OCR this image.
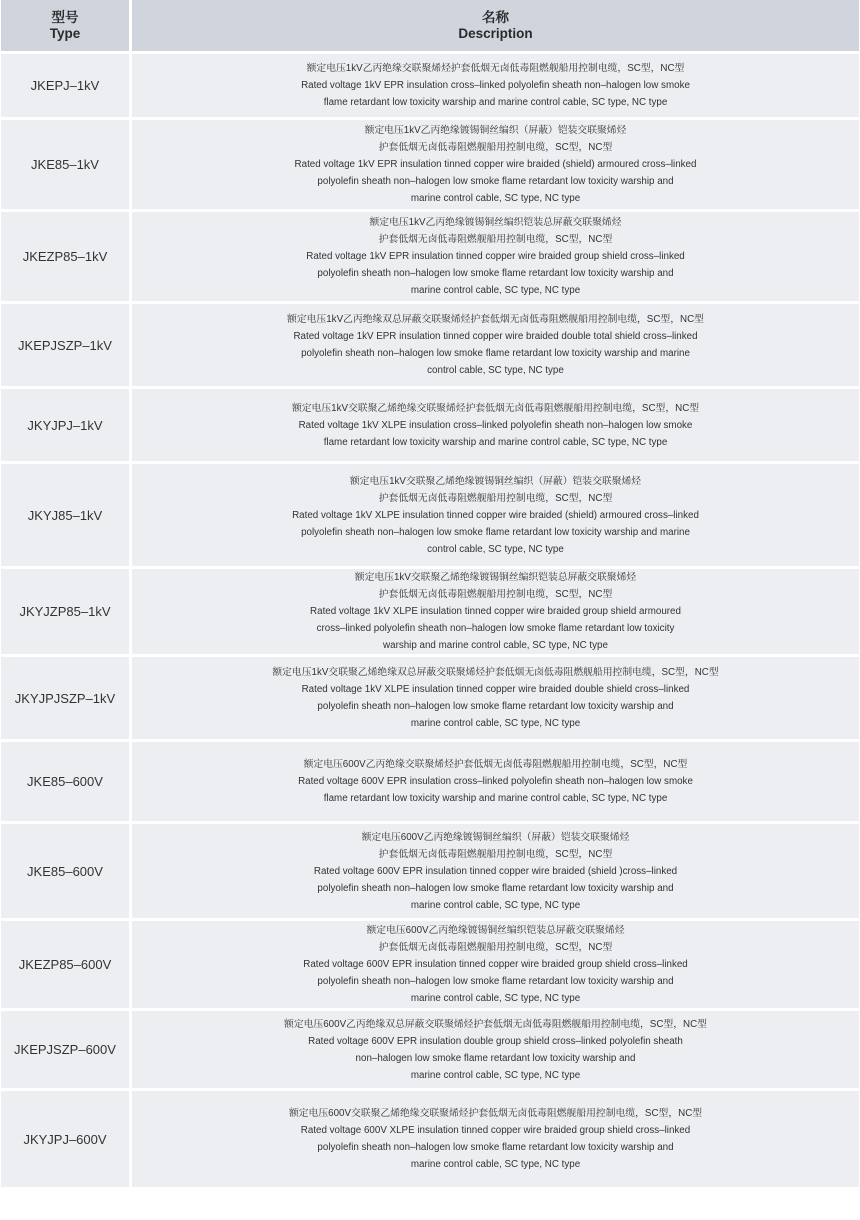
型号
Type	名称
Description

JKEPJ–1kV	额定电压1kV乙丙绝缘交联聚烯烃护套低烟无卤低毒阻燃舰船用控制电缆，SC型，NC型
Rated voltage 1kV EPR insulation cross–linked polyolefin sheath non–halogen low smoke
flame retardant low toxicity warship and marine control cable, SC type, NC type

JKE85–1kV	额定电压1kV乙丙绝缘镀锡铜丝编织（屏蔽）铠装交联聚烯烃
护套低烟无卤低毒阻燃舰船用控制电缆，SC型，NC型
Rated voltage 1kV EPR insulation tinned copper wire braided (shield) armoured cross–linked
polyolefin sheath non–halogen low smoke flame retardant low toxicity warship and
marine control cable, SC type, NC type

JKEZP85–1kV	额定电压1kV乙丙绝缘镀锡铜丝编织铠装总屏蔽交联聚烯烃
护套低烟无卤低毒阻燃舰船用控制电缆，SC型，NC型
Rated voltage 1kV EPR insulation tinned copper wire braided group shield cross–linked
polyolefin sheath non–halogen low smoke flame retardant low toxicity warship and
marine control cable, SC type, NC type

JKEPJSZP–1kV	额定电压1kV乙丙绝缘双总屏蔽交联聚烯烃护套低烟无卤低毒阻燃舰船用控制电缆，SC型，NC型
Rated voltage 1kV EPR insulation tinned copper wire braided double total shield cross–linked
polyolefin sheath non–halogen low smoke flame retardant low toxicity warship and marine
control cable, SC type, NC type

JKYJPJ–1kV	额定电压1kV交联聚乙烯绝缘交联聚烯烃护套低烟无卤低毒阻燃舰船用控制电缆，SC型，NC型
Rated voltage 1kV XLPE insulation cross–linked polyolefin sheath non–halogen low smoke
flame retardant low toxicity warship and marine control cable, SC type, NC type

JKYJ85–1kV	额定电压1kV交联聚乙烯绝缘镀锡铜丝编织（屏蔽）铠装交联聚烯烃
护套低烟无卤低毒阻燃舰船用控制电缆，SC型，NC型
Rated voltage 1kV XLPE insulation tinned copper wire braided (shield) armoured cross–linked
polyolefin sheath non–halogen low smoke flame retardant low toxicity warship and marine
control cable, SC type, NC type

JKYJZP85–1kV	额定电压1kV交联聚乙烯绝缘镀锡铜丝编织铠装总屏蔽交联聚烯烃
护套低烟无卤低毒阻燃舰船用控制电缆，SC型，NC型
Rated voltage 1kV XLPE insulation tinned copper wire braided group shield armoured
cross–linked polyolefin sheath non–halogen low smoke flame retardant low toxicity
warship and marine control cable, SC type, NC type

JKYJPJSZP–1kV	额定电压1kV交联聚乙烯绝缘双总屏蔽交联聚烯烃护套低烟无卤低毒阻燃舰船用控制电缆，SC型，NC型
Rated voltage 1kV XLPE insulation tinned copper wire braided double shield cross–linked
polyolefin sheath non–halogen low smoke flame retardant low toxicity warship and
marine control cable, SC type, NC type

JKE85–600V	额定电压600V乙丙绝缘交联聚烯烃护套低烟无卤低毒阻燃舰船用控制电缆，SC型，NC型
Rated voltage 600V EPR insulation cross–linked polyolefin sheath non–halogen low smoke
flame retardant low toxicity warship and marine control cable, SC type, NC type

JKE85–600V	额定电压600V乙丙绝缘镀锡铜丝编织（屏蔽）铠装交联聚烯烃
护套低烟无卤低毒阻燃舰船用控制电缆，SC型，NC型
Rated voltage 600V EPR insulation tinned copper wire braided (shield )cross–linked
polyolefin sheath non–halogen low smoke flame retardant low toxicity warship and
marine control cable, SC type, NC type

JKEZP85–600V	额定电压600V乙丙绝缘镀锡铜丝编织铠装总屏蔽交联聚烯烃
护套低烟无卤低毒阻燃舰船用控制电缆，SC型，NC型
Rated voltage 600V EPR insulation tinned copper wire braided group shield cross–linked
polyolefin sheath non–halogen low smoke flame retardant low toxicity warship and
marine control cable, SC type, NC type

JKEPJSZP–600V	额定电压600V乙丙绝缘双总屏蔽交联聚烯烃护套低烟无卤低毒阻燃舰船用控制电缆，SC型，NC型
Rated voltage 600V EPR insulation double group shield cross–linked polyolefin sheath
non–halogen low smoke flame retardant low toxicity warship and
marine control cable, SC type, NC type

JKYJPJ–600V	额定电压600V交联聚乙烯绝缘交联聚烯烃护套低烟无卤低毒阻燃舰船用控制电缆，SC型，NC型
Rated voltage 600V XLPE insulation tinned copper wire braided group shield cross–linked
polyolefin sheath non–halogen low smoke flame retardant low toxicity warship and
marine control cable, SC type, NC type
